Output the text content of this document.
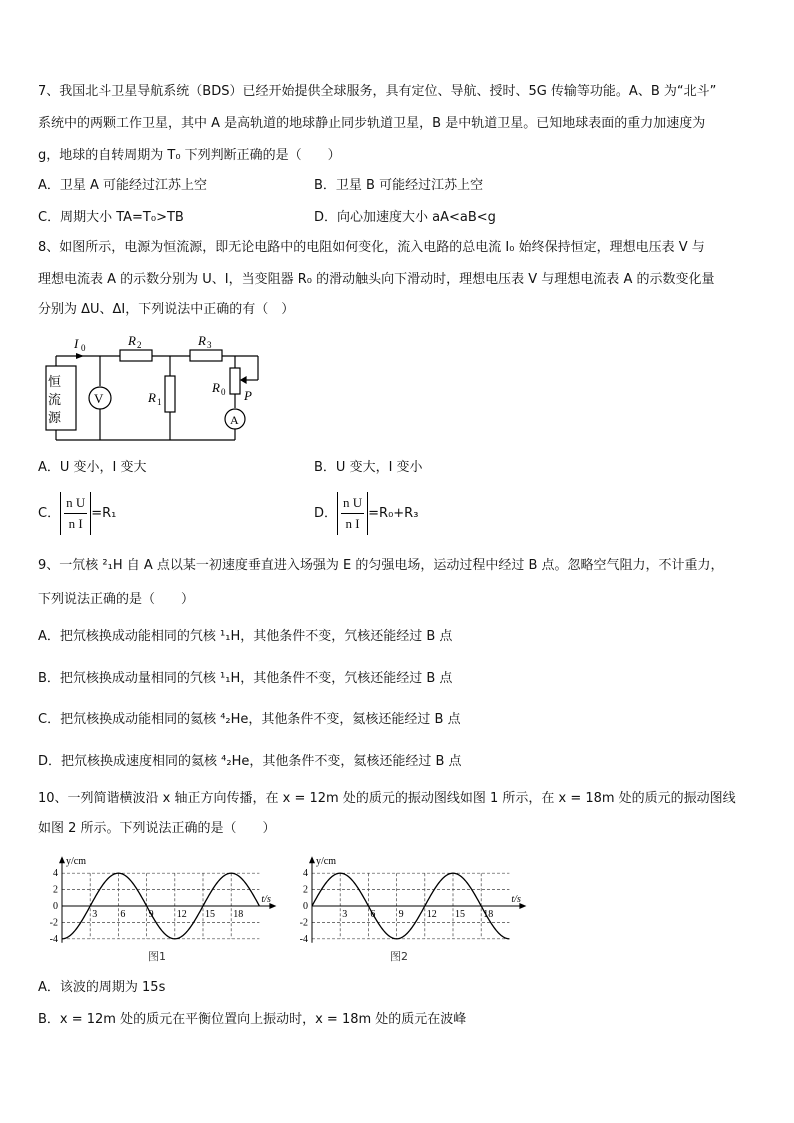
7、我国北斗卫星导航系统（BDS）已经开始提供全球服务，具有定位、导航、授时、5G 传输等功能。A、B 为“北斗”
系统中的两颗工作卫星，其中 A 是高轨道的地球静止同步轨道卫星，B 是中轨道卫星。已知地球表面的重力加速度为
g，地球的自转周期为 T₀ 下列判断正确的是（　　）
A．卫星 A 可能经过江苏上空	B．卫星 B 可能经过江苏上空
C．周期大小 TA=T₀>TB	D．向心加速度大小 aA<aB<g
8、如图所示，电源为恒流源，即无论电路中的电阻如何变化，流入电路的总电流 I₀ 始终保持恒定，理想电压表 V 与
理想电流表 A 的示数分别为 U、I，当变阻器 R₀ 的滑动触头向下滑动时，理想电压表 V 与理想电流表 A 的示数变化量
分别为 ΔU、ΔI，下列说法中正确的有（　）
恒
流
源
I 0	R 2	R 3
R 1
R 0 P
V
A
A．U 变小，I 变大	B．U 变大，I 变小
C． $\frac{\text{n U}}{\text{n I}} =R_1$	D． $\frac{\text{n U}}{\text{n I}} =R_0+R_3$
9、一氘核 ²₁H 自 A 点以某一初速度垂直进入场强为 E 的匀强电场，运动过程中经过 B 点。忽略空气阻力，不计重力，
下列说法正确的是（　　）
A．把氘核换成动能相同的氕核 ¹₁H，其他条件不变，氕核还能经过 B 点
B．把氘核换成动量相同的氕核 ¹₁H，其他条件不变，氕核还能经过 B 点
C．把氘核换成动能相同的氦核 ⁴₂He，其他条件不变，氦核还能经过 B 点
D．把氘核换成速度相同的氦核 ⁴₂He，其他条件不变，氦核还能经过 B 点
10、一列简谐横波沿 x 轴正方向传播，在 x = 12m 处的质元的振动图线如图 1 所示，在 x = 18m 处的质元的振动图线
如图 2 所示。下列说法正确的是（　　）
y/cm
t/s
-4
-2
0
2
4
3 6 9 12 15 18
y/cm
t/s
-4
-2
0
2
4
3 6 9 12 15 18
图1	图2
A．该波的周期为 15s
B．x = 12m 处的质元在平衡位置向上振动时，x = 18m 处的质元在波峰
